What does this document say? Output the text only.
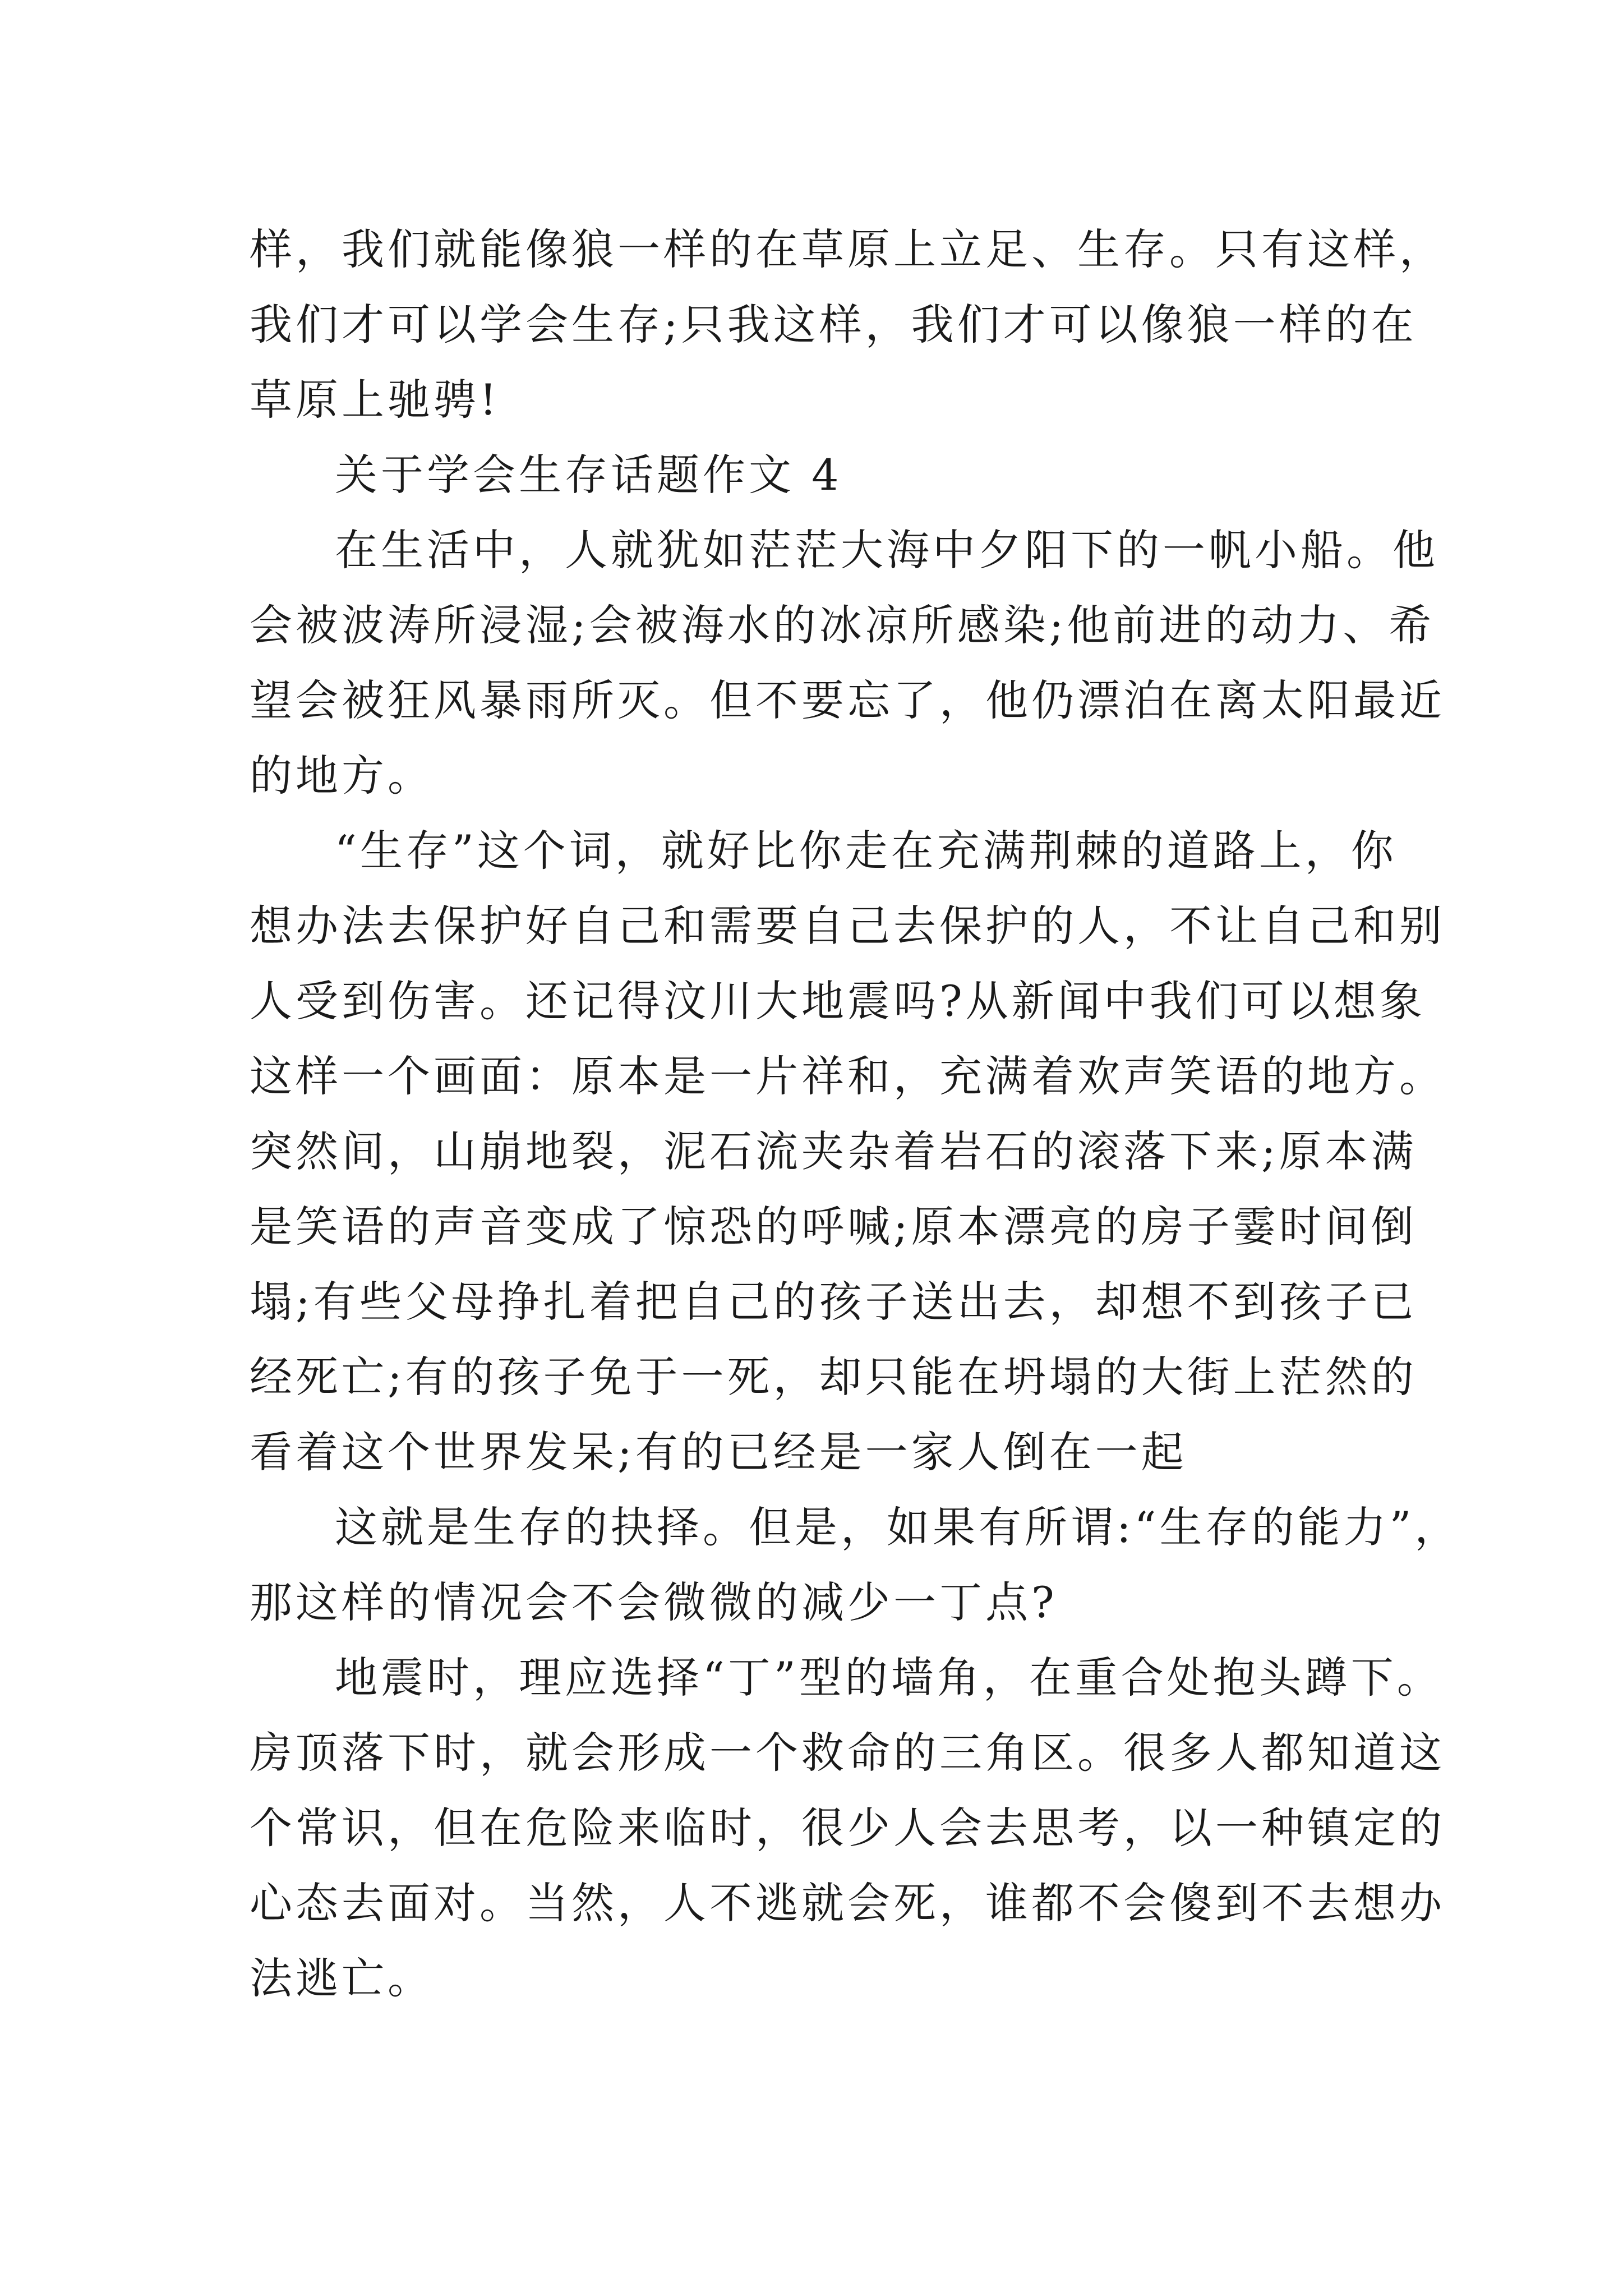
样，我们就能像狼一样的在草原上立足、生存。只有这样，
我们才可以学会生存;只我这样，我们才可以像狼一样的在
草原上驰骋!
关于学会生存话题作文 4
在生活中，人就犹如茫茫大海中夕阳下的一帆小船。他
会被波涛所浸湿;会被海水的冰凉所感染;他前进的动力、希
望会被狂风暴雨所灭。但不要忘了，他仍漂泊在离太阳最近
的地方。
“生存”这个词，就好比你走在充满荆棘的道路上，你
想办法去保护好自己和需要自己去保护的人，不让自己和别
人受到伤害。还记得汶川大地震吗?从新闻中我们可以想象
这样一个画面：原本是一片祥和，充满着欢声笑语的地方。
突然间，山崩地裂，泥石流夹杂着岩石的滚落下来;原本满
是笑语的声音变成了惊恐的呼喊;原本漂亮的房子霎时间倒
塌;有些父母挣扎着把自己的孩子送出去，却想不到孩子已
经死亡;有的孩子免于一死，却只能在坍塌的大街上茫然的
看着这个世界发呆;有的已经是一家人倒在一起
这就是生存的抉择。但是，如果有所谓:“生存的能力”，
那这样的情况会不会微微的减少一丁点?
地震时，理应选择“丁”型的墙角，在重合处抱头蹲下。
房顶落下时，就会形成一个救命的三角区。很多人都知道这
个常识，但在危险来临时，很少人会去思考，以一种镇定的
心态去面对。当然，人不逃就会死，谁都不会傻到不去想办
法逃亡。
